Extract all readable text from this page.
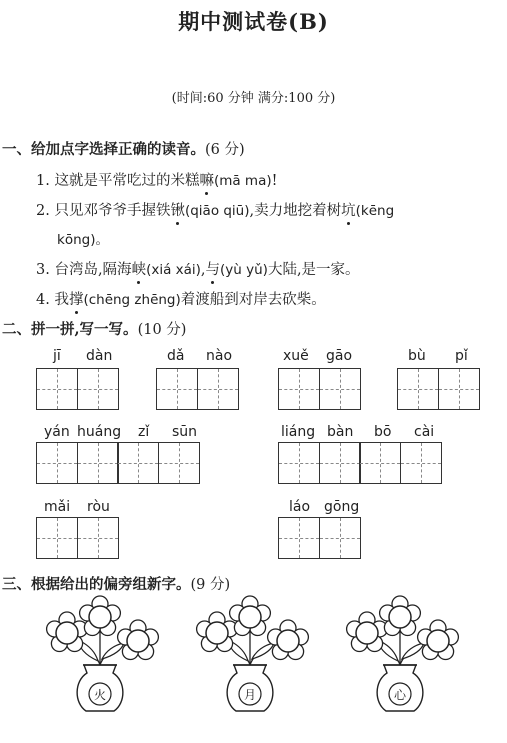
期中测试卷(B)
(时间:60 分钟 满分:100 分)
一、给加点字选择正确的读音。(6 分)
1. 这就是平常吃过的米糕嘛(mā ma)!
2. 只见邓爷爷手握铁锹(qiāo qiū),卖力地挖着树坑(kēng
kōng)。
3. 台湾岛,隔海峡(xiá xái),与(yù yǔ)大陆,是一家。
4. 我撑(chēng zhēng)着渡船到对岸去砍柴。
二、拼一拼,写一写。(10 分)
jī dàn	dǎ nào	xuě gāo	bù pǐ
yán huáng zǐ sūn	liáng bàn bō cài
mǎi ròu	láo gōng
三、根据给出的偏旁组新字。(9 分)
火	月	心
